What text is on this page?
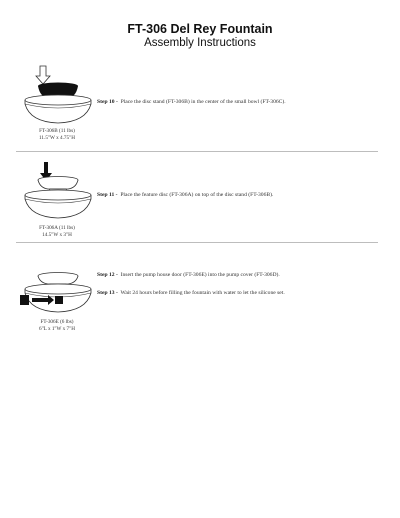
FT-306 Del Rey Fountain
Assembly Instructions
FT-306B (11 lbs)
11.5"W x 4.75"H
Step 10 - Place the disc stand (FT-306B) in the center of the small bowl (FT-306C).
FT-306A (11 lbs)
14.5"W x 3"H
Step 11 - Place the feature disc (FT-306A) on top of the disc stand (FT-306B).
FT-306E (6 lbs)
6"L x 1"W x 7"H
Step 12 - Insert the pump house door (FT-306E) into the pump cover (FT-306D).
Step 13 - Wait 24 hours before filling the fountain with water to let the silicone set.
